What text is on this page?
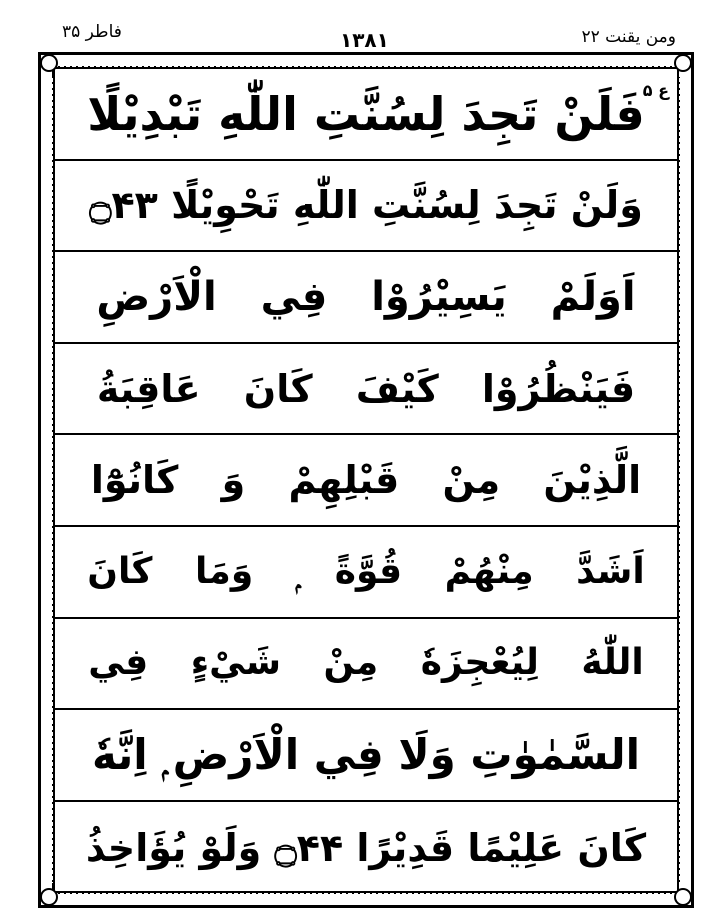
فاطر ۳۵	۱۳۸۱	ومن يقنت ۲۲
فَلَنْ تَجِدَ لِسُنَّتِ اللّٰهِ تَبْدِيْلًا
ع ۵
وَلَنْ تَجِدَ لِسُنَّتِ اللّٰهِ تَحْوِيْلًا ۝۴۳
اَوَلَمْ يَسِيْرُوْا فِي الْاَرْضِ
فَيَنْظُرُوْا كَيْفَ كَانَ عَاقِبَةُ
الَّذِيْنَ مِنْ قَبْلِهِمْ وَ كَانُوْٓا
اَشَدَّ مِنْهُمْ قُوَّةً ۭ وَمَا كَانَ
اللّٰهُ لِيُعْجِزَهٗ مِنْ شَيْءٍ فِي
السَّمٰوٰتِ وَلَا فِي الْاَرْضِ ۭ اِنَّهٗ
كَانَ عَلِيْمًا قَدِيْرًا ۝۴۴ وَلَوْ يُؤَاخِذُ
